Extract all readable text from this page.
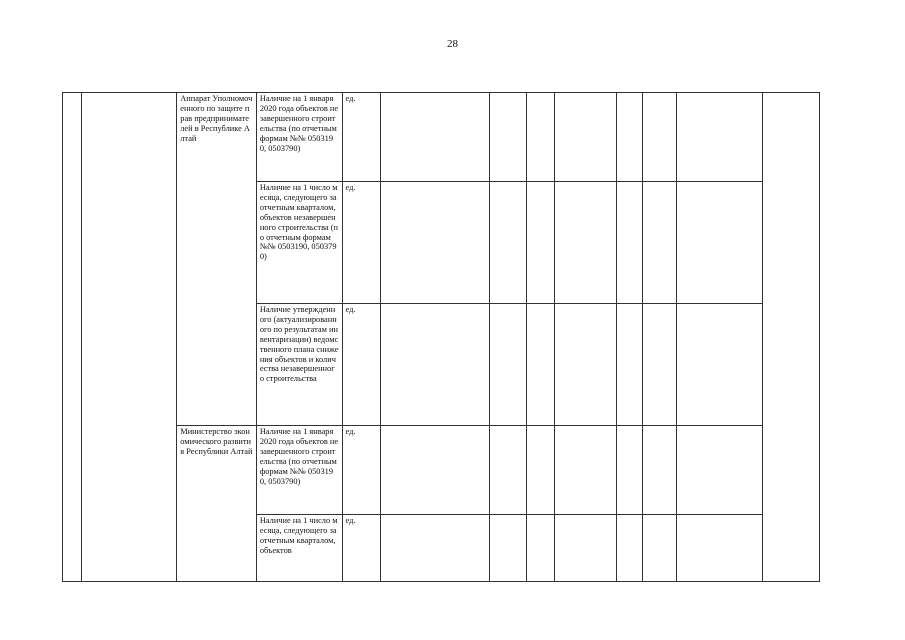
28
		Аппарат Уполномоченного по защите прав предпринимателей в Республике Алтай	Наличие на 1 января 2020 года объектов незавершенного строительства (по отчетным формам №№ 0503190, 0503790)	ед.								
			Наличие на 1 число месяца, следующего за отчетным кварталом, объектов незавершенного строительства (по отчетным формам №№ 0503190, 0503790)	ед.								
			Наличие утвержденного (актуализированного по результатам инвентаризации) ведомственного плана снижения объектов и количества незавершенного строительства	ед.								
		Министерство экономического развития Республики Алтай	Наличие на 1 января 2020 года объектов незавершенного строительства (по отчетным формам №№ 0503190, 0503790)	ед.								
			Наличие на 1 число месяца, следующего за отчетным кварталом, объектов	ед.								
